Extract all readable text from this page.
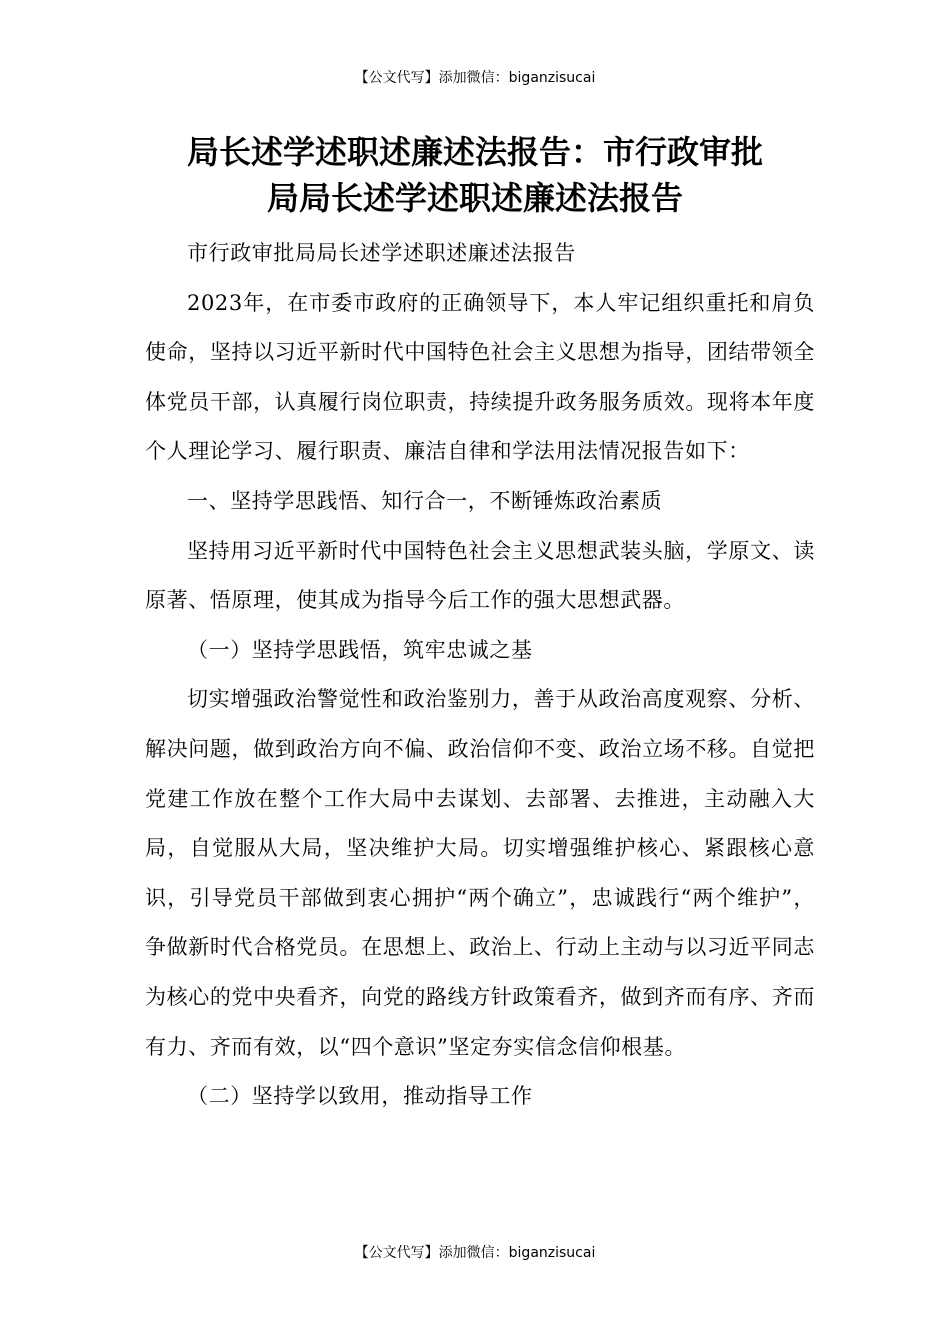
【公文代写】添加微信：biganzisucai
局长述学述职述廉述法报告：市行政审批
局局长述学述职述廉述法报告

市行政审批局局长述学述职述廉述法报告

2023年，在市委市政府的正确领导下，本人牢记组织重托和肩负使命，坚持以习近平新时代中国特色社会主义思想为指导，团结带领全体党员干部，认真履行岗位职责，持续提升政务服务质效。现将本年度个人理论学习、履行职责、廉洁自律和学法用法情况报告如下：

一、坚持学思践悟、知行合一，不断锤炼政治素质

坚持用习近平新时代中国特色社会主义思想武装头脑，学原文、读原著、悟原理，使其成为指导今后工作的强大思想武器。

（一）坚持学思践悟，筑牢忠诚之基

切实增强政治警觉性和政治鉴别力，善于从政治高度观察、分析、解决问题，做到政治方向不偏、政治信仰不变、政治立场不移。自觉把党建工作放在整个工作大局中去谋划、去部署、去推进，主动融入大局，自觉服从大局，坚决维护大局。切实增强维护核心、紧跟核心意识，引导党员干部做到衷心拥护“两个确立”，忠诚践行“两个维护”，争做新时代合格党员。在思想上、政治上、行动上主动与以习近平同志为核心的党中央看齐，向党的路线方针政策看齐，做到齐而有序、齐而有力、齐而有效，以“四个意识”坚定夯实信念信仰根基。

（二）坚持学以致用，推动指导工作

【公文代写】添加微信：biganzisucai
